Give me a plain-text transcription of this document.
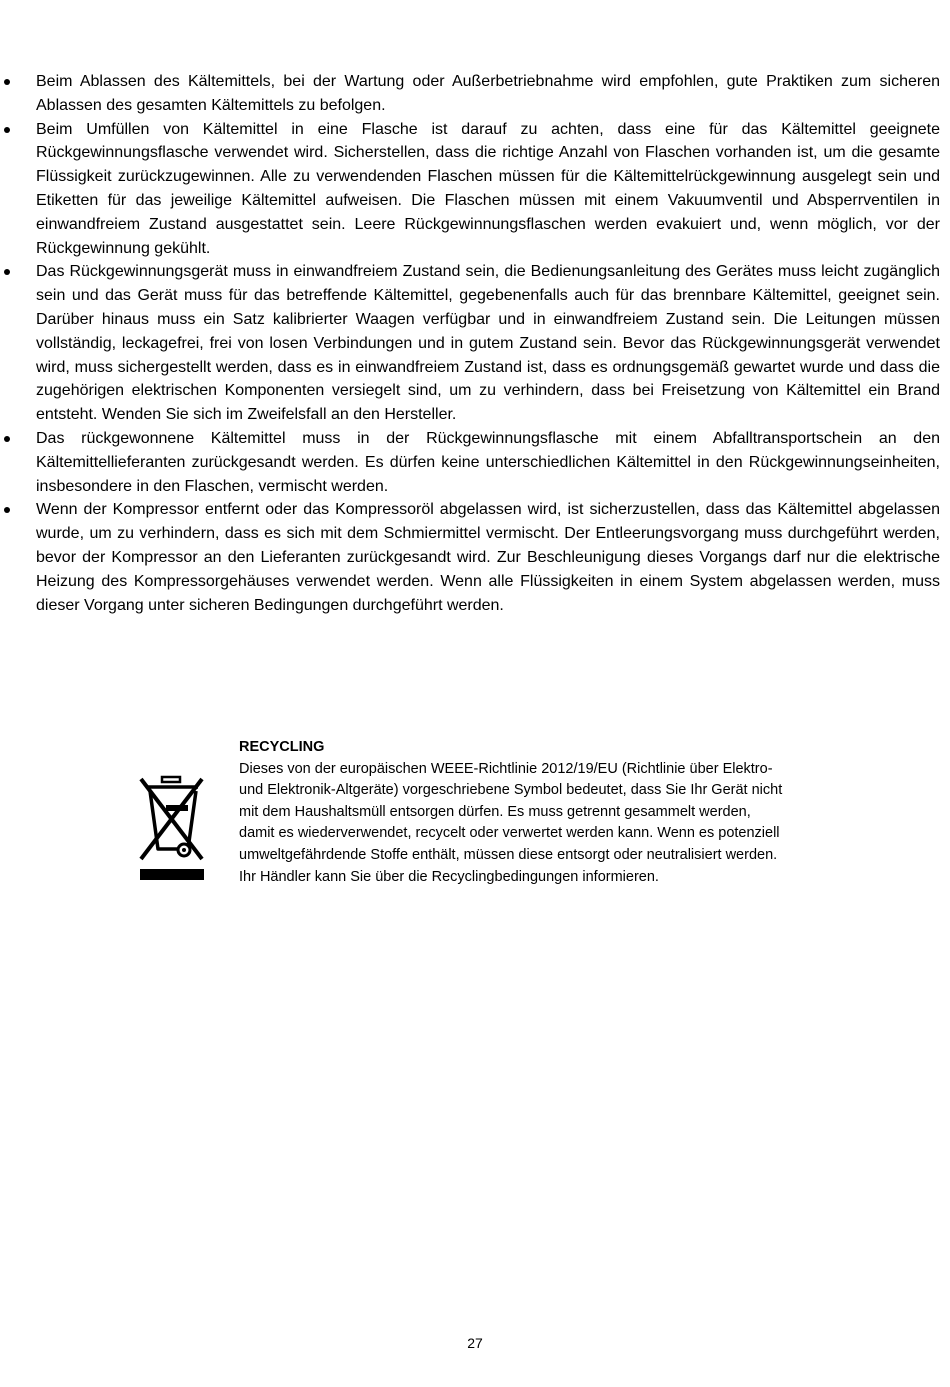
Beim Ablassen des Kältemittels, bei der Wartung oder Außerbetriebnahme wird empfohlen, gute Praktiken zum sicheren Ablassen des gesamten Kältemittels zu befolgen.
Beim Umfüllen von Kältemittel in eine Flasche ist darauf zu achten, dass eine für das Kältemittel geeignete Rückgewinnungsflasche verwendet wird. Sicherstellen, dass die richtige Anzahl von Flaschen vorhanden ist, um die gesamte Flüssigkeit zurückzugewinnen. Alle zu verwendenden Flaschen müssen für die Kältemittelrückgewinnung ausgelegt sein und Etiketten für das jeweilige Kältemittel aufweisen. Die Flaschen müssen mit einem Vakuumventil und Absperrventilen in einwandfreiem Zustand ausgestattet sein. Leere Rückgewinnungsflaschen werden evakuiert und, wenn möglich, vor der Rückgewinnung gekühlt.
Das Rückgewinnungsgerät muss in einwandfreiem Zustand sein, die Bedienungsanleitung des Gerätes muss leicht zugänglich sein und das Gerät muss für das betreffende Kältemittel, gegebenenfalls auch für das brennbare Kältemittel, geeignet sein. Darüber hinaus muss ein Satz kalibrierter Waagen verfügbar und in einwandfreiem Zustand sein. Die Leitungen müssen vollständig, leckagefrei, frei von losen Verbindungen und in gutem Zustand sein. Bevor das Rückgewinnungsgerät verwendet wird, muss sichergestellt werden, dass es in einwandfreiem Zustand ist, dass es ordnungsgemäß gewartet wurde und dass die zugehörigen elektrischen Komponenten versiegelt sind, um zu verhindern, dass bei Freisetzung von Kältemittel ein Brand entsteht. Wenden Sie sich im Zweifelsfall an den Hersteller.
Das rückgewonnene Kältemittel muss in der Rückgewinnungsflasche mit einem Abfalltransportschein an den Kältemittellieferanten zurückgesandt werden. Es dürfen keine unterschiedlichen Kältemittel in den Rückgewinnungseinheiten, insbesondere in den Flaschen, vermischt werden.
Wenn der Kompressor entfernt oder das Kompressoröl abgelassen wird, ist sicherzustellen, dass das Kältemittel abgelassen wurde, um zu verhindern, dass es sich mit dem Schmiermittel vermischt. Der Entleerungsvorgang muss durchgeführt werden, bevor der Kompressor an den Lieferanten zurückgesandt wird. Zur Beschleunigung dieses Vorgangs darf nur die elektrische Heizung des Kompressorgehäuses verwendet werden. Wenn alle Flüssigkeiten in einem System abgelassen werden, muss dieser Vorgang unter sicheren Bedingungen durchgeführt werden.
RECYCLING
Dieses von der europäischen WEEE-Richtlinie 2012/19/EU (Richtlinie über Elektro-
und Elektronik-Altgeräte) vorgeschriebene Symbol bedeutet, dass Sie Ihr Gerät nicht
mit dem Haushaltsmüll entsorgen dürfen. Es muss getrennt gesammelt werden,
damit es wiederverwendet, recycelt oder verwertet werden kann. Wenn es potenziell
umweltgefährdende Stoffe enthält, müssen diese entsorgt oder neutralisiert werden.
Ihr Händler kann Sie über die Recyclingbedingungen informieren.
27
